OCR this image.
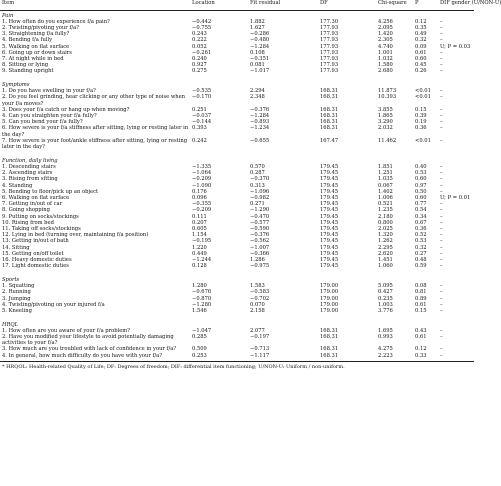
Item	Location	Fit residual	DF	Chi-square	P	DIF gender (U/NON-U)
Pain
1. How often do you experience f/a pain?	−0.442	1.882	177.30	4.256	0.12	–
2. Twisting/pivoting your f/a?	−0.755	1.627	177.93	2.095	0.35	–
3. Straightening f/a fully?	0.243	−0.286	177.93	1.420	0.49	–
4. Bending f/a fully	0.222	−0.480	177.93	2.305	0.32	–
5. Walking on flat surface	0.052	−1.284	177.93	4.740	0.09	U; P = 0.03
6. Going up or down stairs	−0.261	0.108	177.93	1.001	0.61	–
7. At night while in bed	0.240	−0.351	177.93	1.032	0.60	–
8. Sitting or lying	0.927	0.081	177.93	1.580	0.45	–
9. Standing upright	0.275	−1.017	177.93	2.680	0.26	–
Symptoms
1. Do you have swelling in your f/a?	−0.535	2.294	168.31	11.873	<0.01	–
2. Do you feel grinding, hear clicking or any other type of noise when your f/a moves?
−0.170	2.348	168.31	10.393	<0.01	–
3. Does your f/a catch or hang up when moving?	0.251	−0.376	168.31	3.855	0.15	–
4. Can you straighten your f/a fully?	−0.037	−1.284	168.31	1.865	0.39	–
5. Can you bend your f/a fully?	−0.144	−0.893	168.31	3.290	0.19	–
6. How severe is your f/a stiffness after sitting, lying or resting later in the day?
0.393	−1.234	168.31	2.032	0.36	–
7. How severe is your foot/ankle stiffness after sitting, lying or resting later in the day?
0.242	−0.655	167.47	11.462	<0.01	–
Function, daily living
1. Descending stairs	−1.335	0.570	179.45	1.851	0.40	–
2. Ascending stairs	−1.064	0.287	179.45	1.251	0.53	–
3. Rising from sitting	−0.209	−0.370	179.45	1.035	0.60	–
4. Standing	−1.090	0.313	179.45	0.067	0.97	–
5. Bending to floor/pick up an object	0.176	−1.096	179.45	1.402	0.50	–
6. Walking on flat surface	0.096	−0.982	179.45	1.006	0.60	U; P = 0.01
7. Getting in/out of car	−0.355	0.271	179.45	0.521	0.77	–
8. Going shopping	−0.209	−1.290	179.45	1.235	0.54	–
9. Putting on socks/stockings	0.111	−0.470	179.45	2.180	0.34	–
10. Rising from bed	0.207	−0.577	179.45	0.800	0.67	–
11. Taking off socks/stockings	0.605	−0.590	179.45	2.025	0.36	–
12. Lying in bed (turning over, maintaining f/a position)	1.154	−0.376	179.45	1.320	0.52	–
13. Getting in/out of bath	−0.195	−0.562	179.45	1.262	0.53	–
14. Sitting	1.220	−1.007	179.45	2.295	0.32	–
15. Getting on/off toilet	0.449	−0.366	179.45	2.620	0.27	–
16. Heavy domestic duties	−1.244	1.286	179.45	1.451	0.48	–
17. Light domestic duties	0.128	−0.975	179.45	1.060	0.59	–
Sports
1. Squatting	1.280	1.583	179.00	5.095	0.08	–
2. Running	−0.676	−0.583	179.00	0.427	0.81	–
3. Jumping	−0.870	−0.702	179.00	0.235	0.89	–
4. Twisting/pivoting on your injured f/a	−1.280	0.070	179.00	1.003	0.61	–
5. Kneeling	1.546	2.158	179.00	3.776	0.15	–
HRQL
1. How often are you aware of your f/a problem?	−1.047	2.077	168.31	1.695	0.43	–
2. Have you modified your lifestyle to avoid potentially damaging activities to your f/a?
0.285	−0.197	168.31	0.993	0.61	–
3. How much are you troubled with lack of confidence in your f/a?	0.509	−0.713	168.31	4.275	0.12	–
4. In general, how much difficulty do you have with your f/a?	0.253	−1.117	168.31	2.223	0.33	–
* HRQOL: Health-related Quality of Life; DF: Degrees of freedom; DIF: differential item functioning; U/NON-U: Uniform / non-uniform.
